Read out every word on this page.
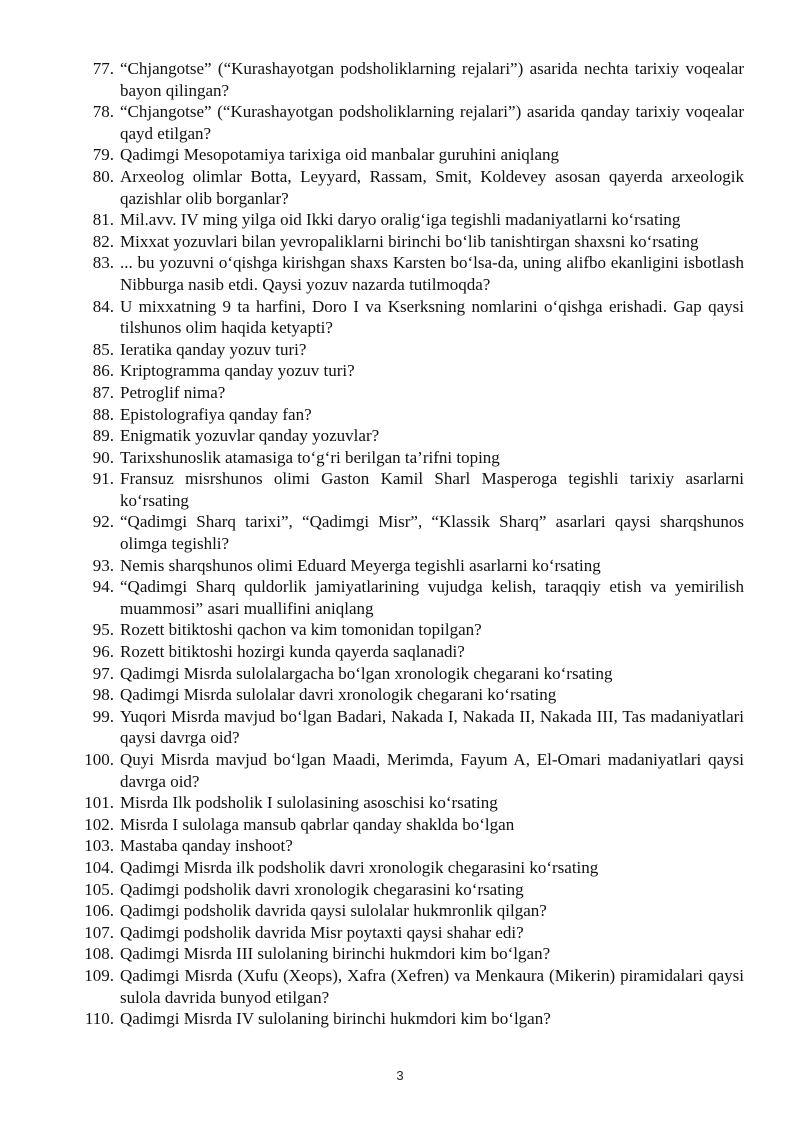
77. “Chjangotse” (“Kurashayotgan podsholiklarning rejalari”) asarida nechta tarixiy voqealar bayon qilingan?
78. “Chjangotse” (“Kurashayotgan podsholiklarning rejalari”) asarida qanday tarixiy voqealar qayd etilgan?
79. Qadimgi Mesopotamiya tarixiga oid manbalar guruhini aniqlang
80. Arxeolog olimlar Botta, Leyyard, Rassam, Smit, Koldevey asosan qayerda arxeologik qazishlar olib borganlar?
81. Mil.avv. IV ming yilga oid Ikki daryo oralig‘iga tegishli madaniyatlarni ko‘rsating
82. Mixxat yozuvlari bilan yevropaliklarni birinchi bo‘lib tanishtirgan shaxsni ko‘rsating
83. ... bu yozuvni o‘qishga kirishgan shaxs Karsten bo‘lsa-da, uning alifbo ekanligini isbotlash Nibburga nasib etdi. Qaysi yozuv nazarda tutilmoqda?
84. U mixxatning 9 ta harfini, Doro I va Kserksning nomlarini o‘qishga erishadi. Gap qaysi tilshunos olim haqida ketyapti?
85. Ieratika qanday yozuv turi?
86. Kriptogramma qanday yozuv turi?
87. Petroglif nima?
88. Epistolografiya qanday fan?
89. Enigmatik yozuvlar qanday yozuvlar?
90. Tarixshunoslik atamasiga to‘g‘ri berilgan ta’rifni toping
91. Fransuz misrshunos olimi Gaston Kamil Sharl Masperoga tegishli tarixiy asarlarni ko‘rsating
92. “Qadimgi Sharq tarixi”, “Qadimgi Misr”, “Klassik Sharq” asarlari qaysi sharqshunos olimga tegishli?
93. Nemis sharqshunos olimi Eduard Meyerga tegishli asarlarni ko‘rsating
94. “Qadimgi Sharq quldorlik jamiyatlarining vujudga kelish, taraqqiy etish va yemirilish muammosi” asari muallifini aniqlang
95. Rozett bitiktoshi qachon va kim tomonidan topilgan?
96. Rozett bitiktoshi hozirgi kunda qayerda saqlanadi?
97. Qadimgi Misrda sulolalargacha bo‘lgan xronologik chegarani ko‘rsating
98. Qadimgi Misrda sulolalar davri xronologik chegarani ko‘rsating
99. Yuqori Misrda mavjud bo‘lgan Badari, Nakada I, Nakada II, Nakada III, Tas madaniyatlari qaysi davrga oid?
100. Quyi Misrda mavjud bo‘lgan Maadi, Merimda, Fayum A, El-Omari madaniyatlari qaysi davrga oid?
101. Misrda Ilk podsholik I sulolasining asoschisi ko‘rsating
102. Misrda I sulolaga mansub qabrlar qanday shaklda bo‘lgan
103. Mastaba qanday inshoot?
104. Qadimgi Misrda ilk podsholik davri xronologik chegarasini ko‘rsating
105. Qadimgi podsholik davri xronologik chegarasini ko‘rsating
106. Qadimgi podsholik davrida qaysi sulolalar hukmronlik qilgan?
107. Qadimgi podsholik davrida Misr poytaxti qaysi shahar edi?
108. Qadimgi Misrda III sulolaning birinchi hukmdori kim bo‘lgan?
109. Qadimgi Misrda (Xufu (Xeops), Xafra (Xefren) va Menkaura (Mikerin) piramidalari qaysi sulola davrida bunyod etilgan?
110. Qadimgi Misrda IV sulolaning birinchi hukmdori kim bo‘lgan?
3
